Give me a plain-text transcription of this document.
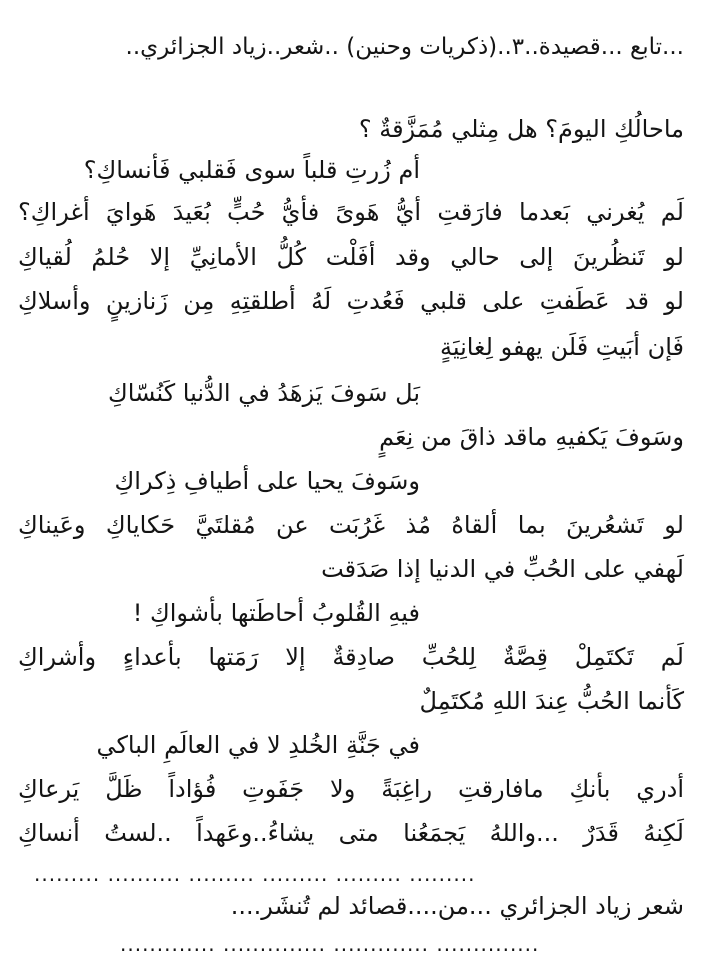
...تابع ...قصيدة..٣..(ذكريات وحنين) ..شعر..زياد الجزائري..
ماحالُكِ اليومَ؟ هل مِثلي مُمَزَّقةٌ ؟
أم زُرتِ قلباً سوى فَقلبي فَأنساكِ؟
لَم يُغرني بَعدما فارَقتِ أيُّ هَوىً فأيُّ حُبٍّ بُعَيدَ هَوايَ أغراكِ؟
لو تَنظُرينَ إلى حالي وقد أفَلْت كُلُّ الأمانِيِّ إلا حُلمُ لُقياكِ
لو قد عَطَفتِ على قلبي فَعُدتِ لَهُ أطلقتِهِ مِن زَنازينٍ وأسلاكِ
فَإن أبَيتِ فَلَن يهفو لِغانِيَةٍ
بَل سَوفَ يَزهَدُ في الدُّنيا كَنُسّاكِ
وسَوفَ يَكفيهِ ماقد ذاقَ من نِعَمٍ
وسَوفَ يحيا على أطيافِ ذِكراكِ
لو تَشعُرينَ بما ألقاهُ مُذ غَرُبَت عن مُقلتَيَّ حَكاياكِ وعَيناكِ
لَهفي على الحُبِّ في الدنيا إذا صَدَقت
فيهِ القُلوبُ أحاطَتها بأشواكِ !
لَم تَكتَمِلْ قِصَّةٌ لِلحُبِّ صادِقةٌ إلا رَمَتها بأعداءٍ وأشراكِ
كَأنما الحُبُّ عِندَ اللهِ مُكتَمِلٌ
في جَنَّةِ الخُلدِ لا في العالَمِ الباكي
أدري بأنكِ مافارقتِ راغِبَةً ولا جَفَوتِ فُؤاداً ظَلَّ يَرعاكِ
لَكِنهُ قَدَرٌ ...واللهُ يَجمَعُنا متى يشاءُ..وعَهداً ..لستُ أنساكِ
......... .......... ......... ......... ......... .........
شعر زياد الجزائري ...من....قصائد لم تُنشَر....
............. .............. ............. ..............
